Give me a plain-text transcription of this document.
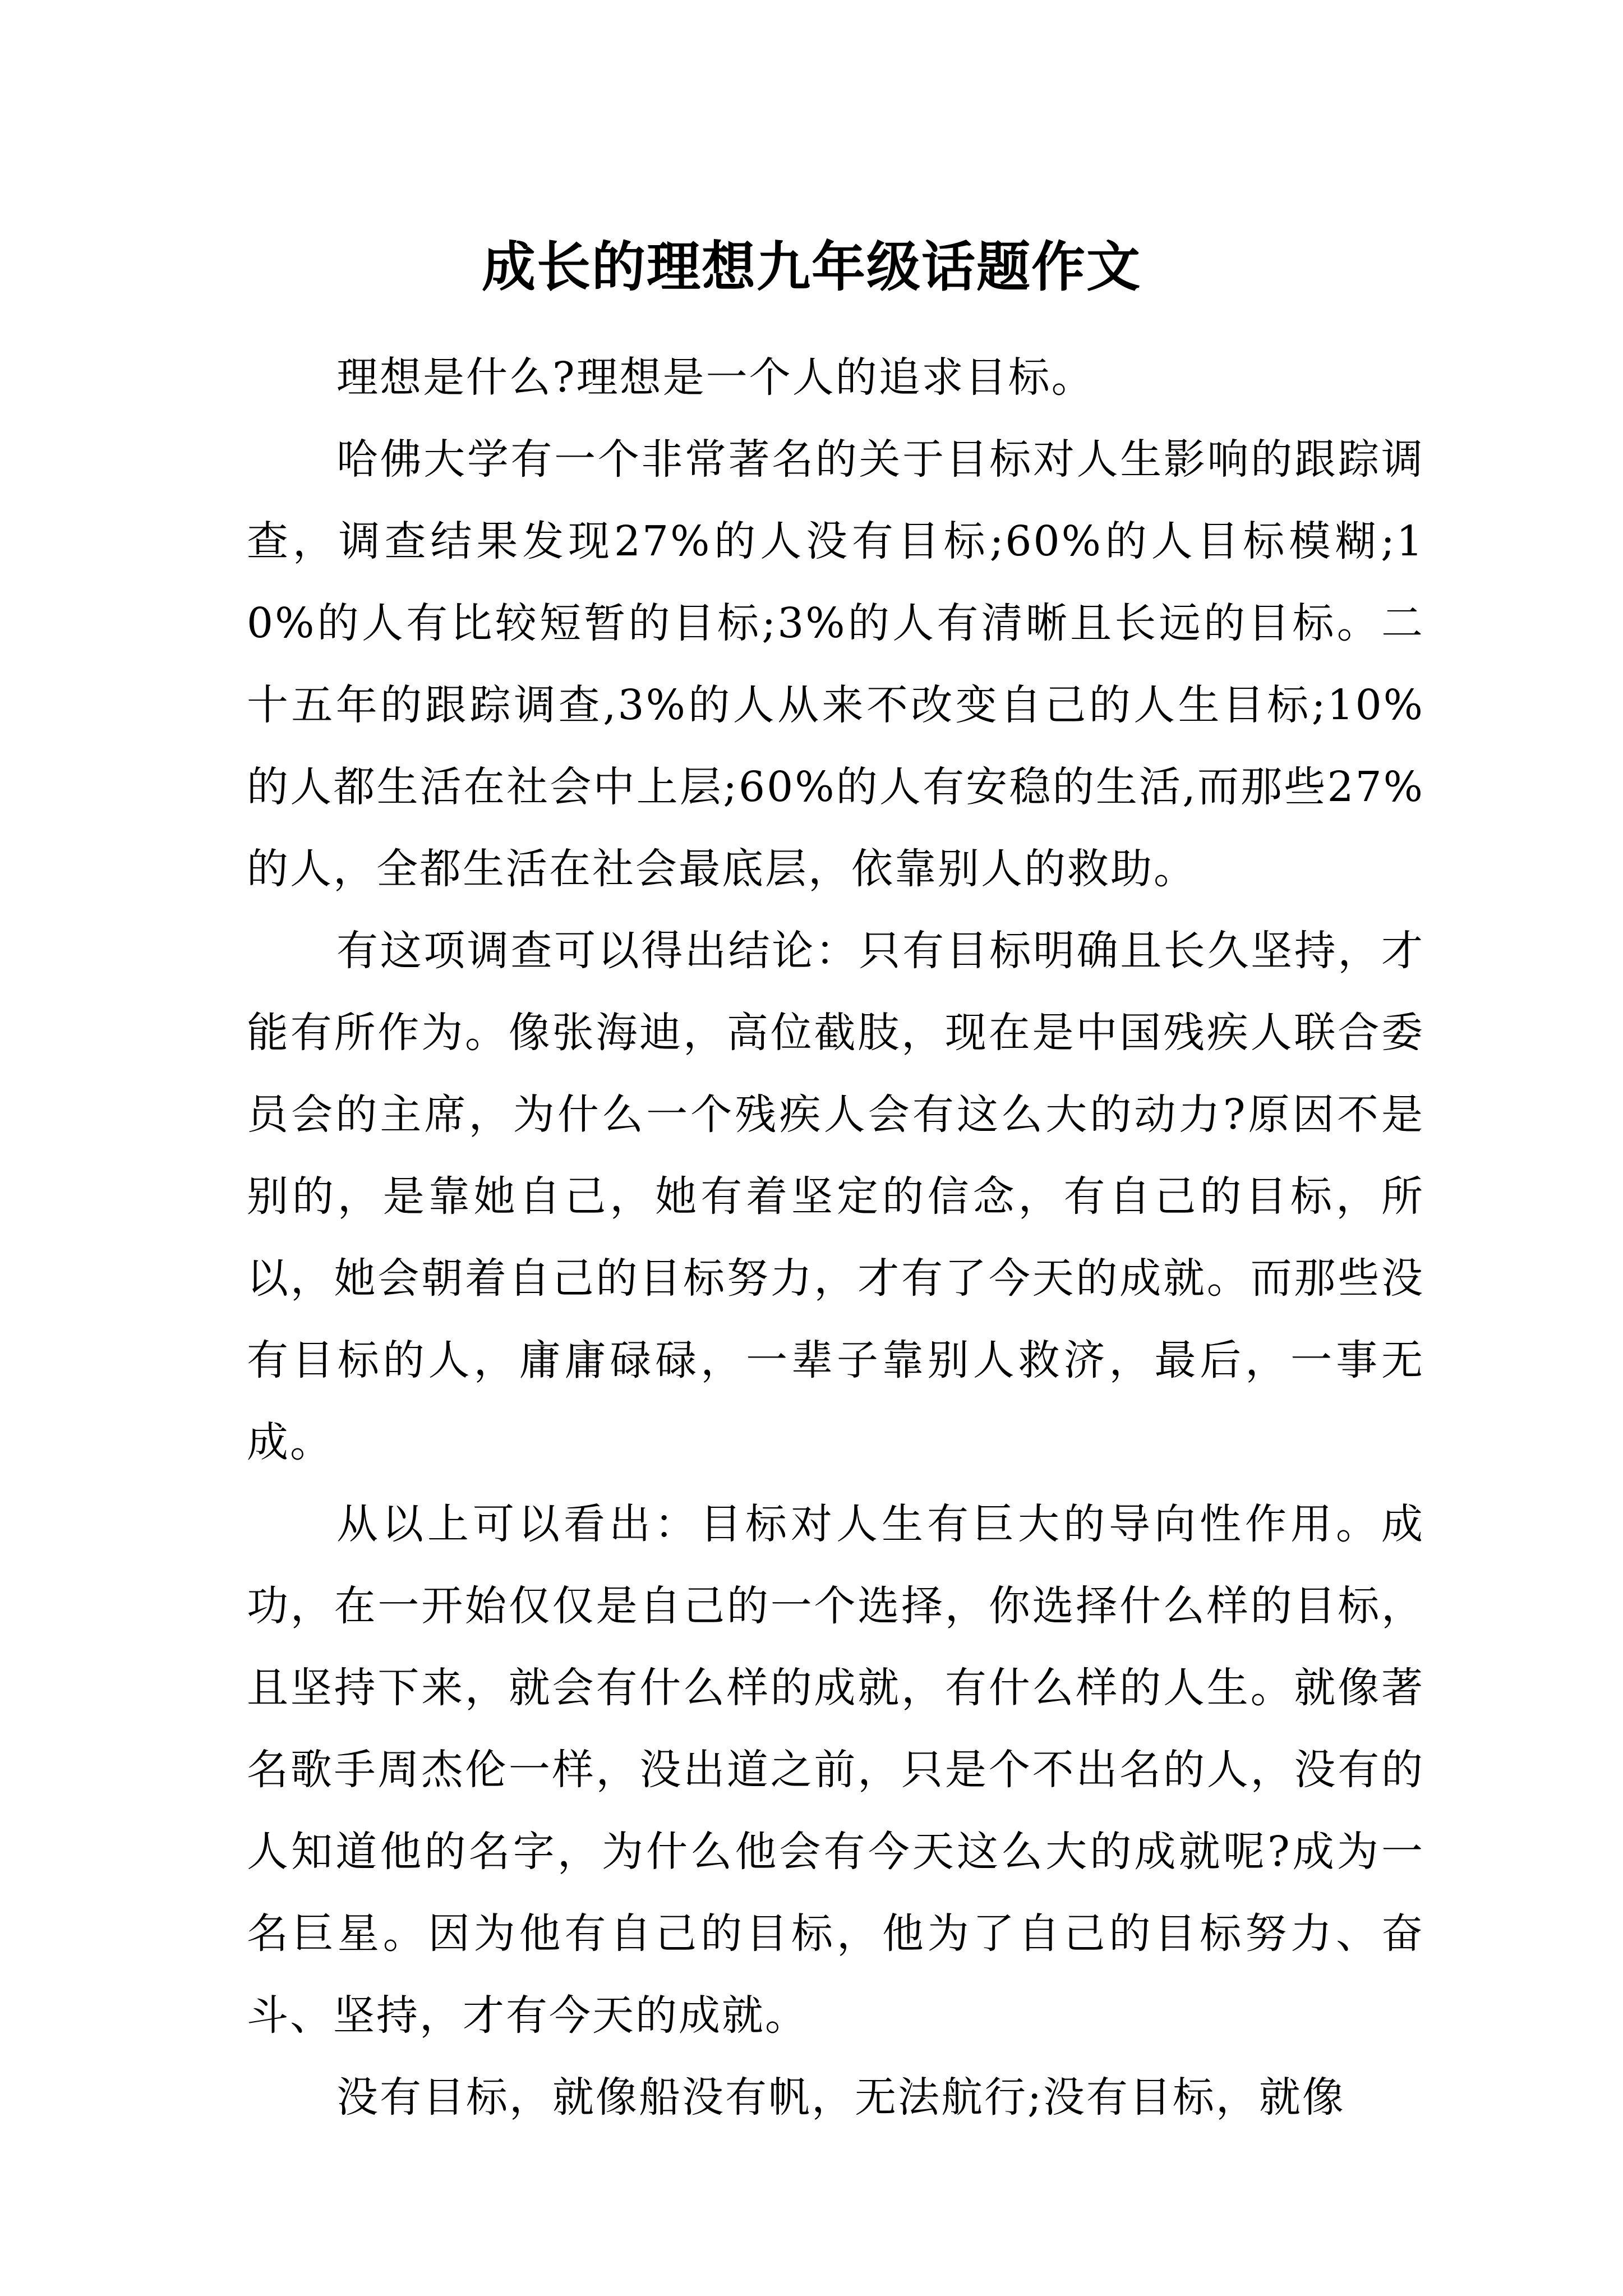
成长的理想九年级话题作文

理想是什么?理想是一个人的追求目标。

哈佛大学有一个非常著名的关于目标对人生影响的跟踪调查，调查结果发现27%的人没有目标;60%的人目标模糊;10%的人有比较短暂的目标;3%的人有清晰且长远的目标。二十五年的跟踪调查,3%的人从来不改变自己的人生目标;10%的人都生活在社会中上层;60%的人有安稳的生活,而那些27%的人，全都生活在社会最底层，依靠别人的救助。

有这项调查可以得出结论：只有目标明确且长久坚持，才能有所作为。像张海迪，高位截肢，现在是中国残疾人联合委员会的主席，为什么一个残疾人会有这么大的动力?原因不是别的，是靠她自己，她有着坚定的信念，有自己的目标，所以，她会朝着自己的目标努力，才有了今天的成就。而那些没有目标的人，庸庸碌碌，一辈子靠别人救济，最后，一事无成。

从以上可以看出：目标对人生有巨大的导向性作用。成功，在一开始仅仅是自己的一个选择，你选择什么样的目标，且坚持下来，就会有什么样的成就，有什么样的人生。就像著名歌手周杰伦一样，没出道之前，只是个不出名的人，没有的人知道他的名字，为什么他会有今天这么大的成就呢?成为一名巨星。因为他有自己的目标，他为了自己的目标努力、奋斗、坚持，才有今天的成就。

没有目标，就像船没有帆，无法航行;没有目标，就像
